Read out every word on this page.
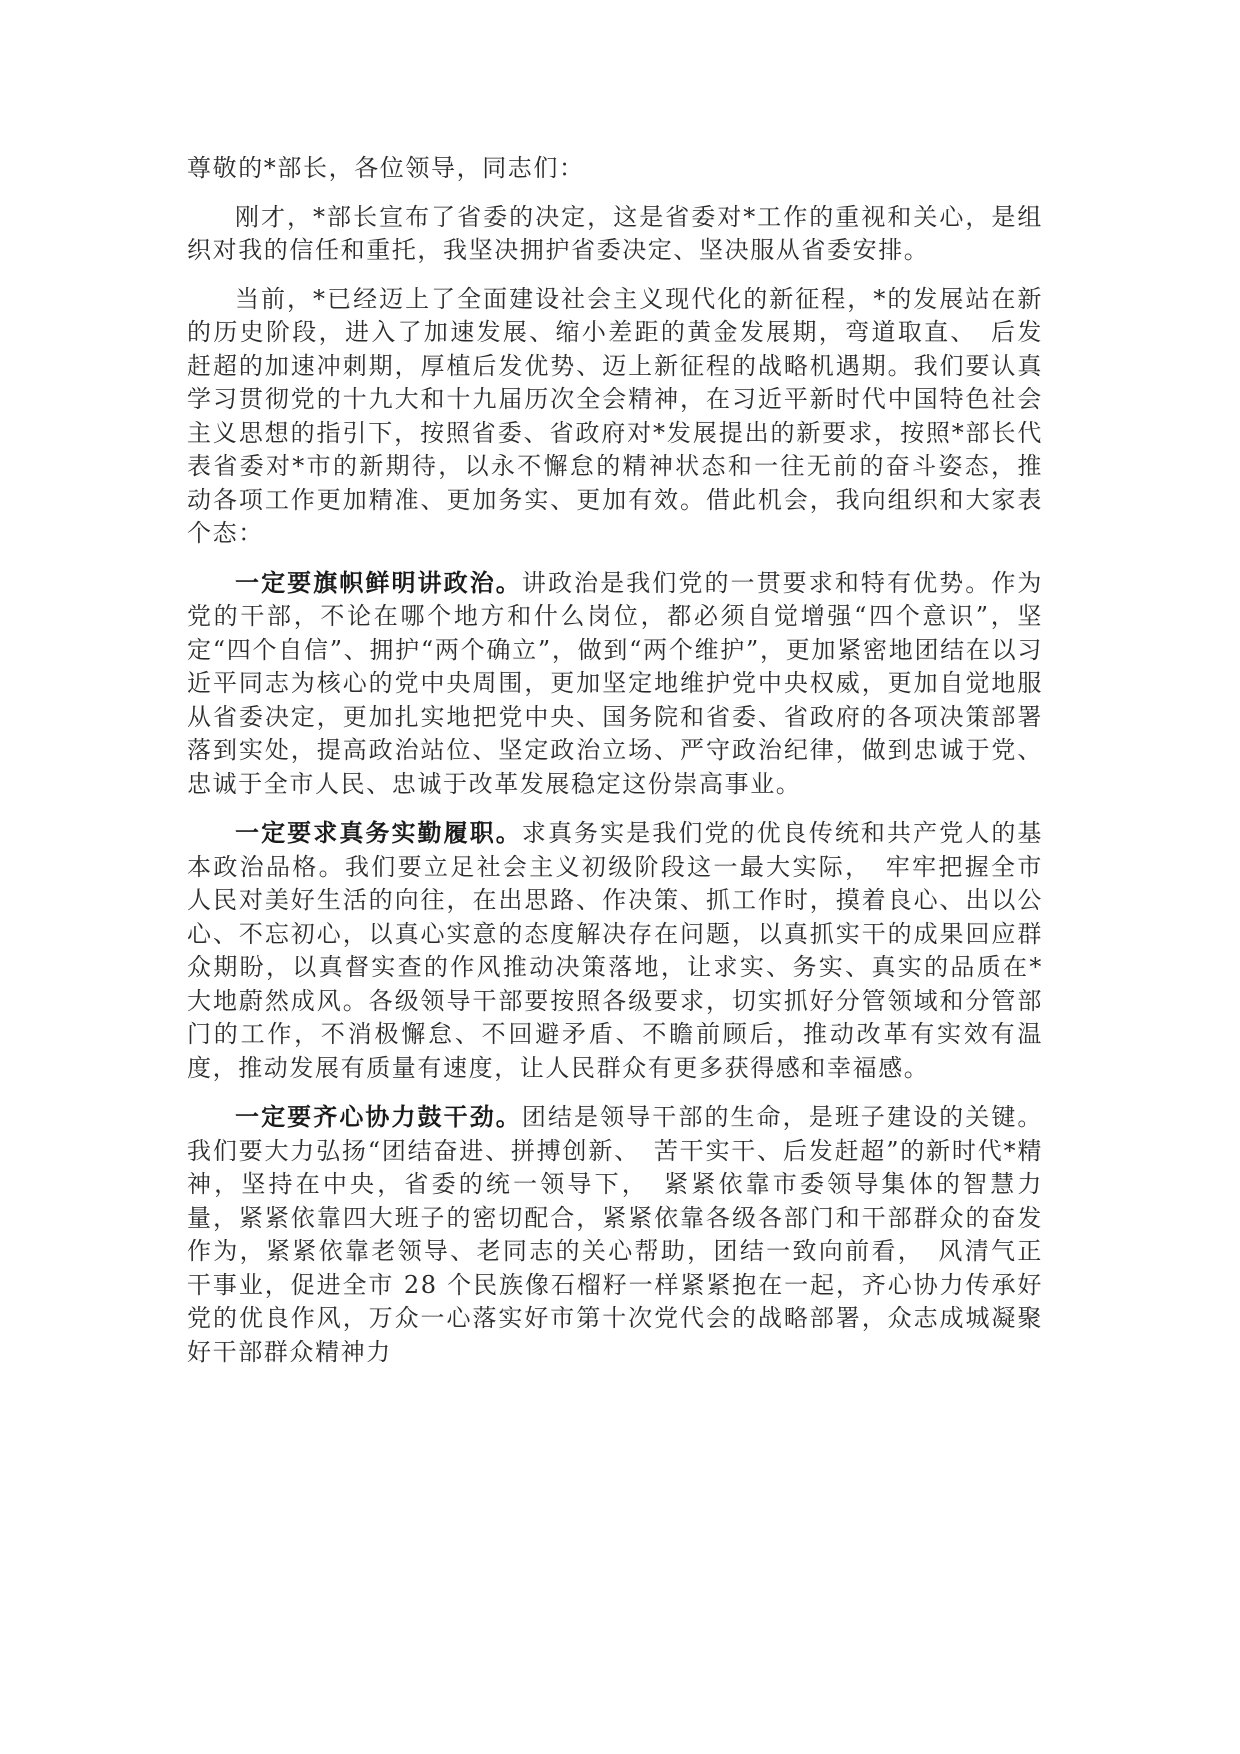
尊敬的*部长，各位领导，同志们：

刚才，*部长宣布了省委的决定，这是省委对*工作的重视和关心，是组织对我的信任和重托，我坚决拥护省委决定、坚决服从省委安排。

当前，*已经迈上了全面建设社会主义现代化的新征程，*的发展站在新的历史阶段，进入了加速发展、缩小差距的黄金发展期，弯道取直、　后发赶超的加速冲刺期，厚植后发优势、迈上新征程的战略机遇期。我们要认真学习贯彻党的十九大和十九届历次全会精神，在习近平新时代中国特色社会主义思想的指引下，按照省委、省政府对*发展提出的新要求，按照*部长代表省委对*市的新期待，以永不懈怠的精神状态和一往无前的奋斗姿态，推动各项工作更加精准、更加务实、更加有效。借此机会，我向组织和大家表个态：

一定要旗帜鲜明讲政治。讲政治是我们党的一贯要求和特有优势。作为党的干部，不论在哪个地方和什么岗位，都必须自觉增强“四个意识”，坚定“四个自信”、拥护“两个确立”，做到“两个维护”，更加紧密地团结在以习近平同志为核心的党中央周围，更加坚定地维护党中央权威，更加自觉地服从省委决定，更加扎实地把党中央、国务院和省委、省政府的各项决策部署落到实处，提高政治站位、坚定政治立场、严守政治纪律，做到忠诚于党、忠诚于全市人民、忠诚于改革发展稳定这份崇高事业。

一定要求真务实勤履职。求真务实是我们党的优良传统和共产党人的基本政治品格。我们要立足社会主义初级阶段这一最大实际，　牢牢把握全市人民对美好生活的向往，在出思路、作决策、抓工作时，摸着良心、出以公心、不忘初心，以真心实意的态度解决存在问题，以真抓实干的成果回应群众期盼，以真督实查的作风推动决策落地，让求实、务实、真实的品质在*大地蔚然成风。各级领导干部要按照各级要求，切实抓好分管领域和分管部门的工作，不消极懈怠、不回避矛盾、不瞻前顾后，推动改革有实效有温度，推动发展有质量有速度，让人民群众有更多获得感和幸福感。

一定要齐心协力鼓干劲。团结是领导干部的生命，是班子建设的关键。我们要大力弘扬“团结奋进、拼搏创新、　苦干实干、后发赶超”的新时代*精神，坚持在中央，省委的统一领导下，　紧紧依靠市委领导集体的智慧力量，紧紧依靠四大班子的密切配合，紧紧依靠各级各部门和干部群众的奋发作为，紧紧依靠老领导、老同志的关心帮助，团结一致向前看，　风清气正干事业，促进全市 28 个民族像石榴籽一样紧紧抱在一起，齐心协力传承好党的优良作风，万众一心落实好市第十次党代会的战略部署，众志成城凝聚好干部群众精神力
